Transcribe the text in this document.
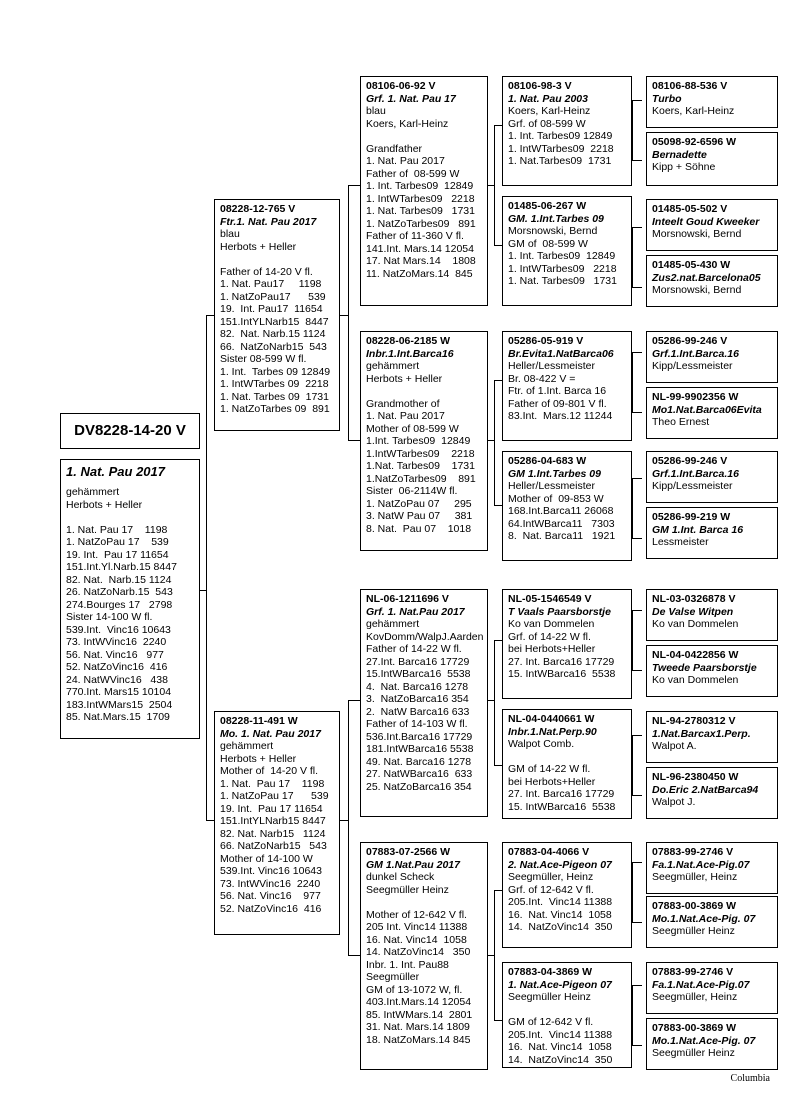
DV8228-14-20 V
1. Nat. Pau 2017
gehämmert
Herbots + Heller

1. Nat. Pau 17    1198
1. NatZoPau 17    539
19. Int.  Pau 17 11654
151.Int.Yl.Narb.15 8447
82. Nat.  Narb.15 1124
26. NatZoNarb.15  543
274.Bourges 17   2798
Sister 14-100 W fl.
539.Int.  Vinc16 10643
73. IntWVinc16  2240
56. Nat. Vinc16   977
52. NatZoVinc16  416
24. NatWVinc16   438
770.Int. Mars15 10104
183.IntWMars15  2504
85. Nat.Mars.15  1709
08228-12-765 V
Ftr.1. Nat. Pau 2017
blau
Herbots + Heller

Father of 14-20 V fl.
1. Nat. Pau17     1198
1. NatZoPau17      539
19.  Int. Pau17  11654
151.IntYLNarb15  8447
82.  Nat. Narb.15 1124
66.  NatZoNarb15  543
Sister 08-599 W fl.
1. Int.  Tarbes 09 12849
1. IntWTarbes 09  2218
1. Nat. Tarbes 09  1731
1. NatZoTarbes 09  891
08228-11-491 W
Mo. 1. Nat. Pau 2017
gehämmert
Herbots + Heller
Mother of  14-20 V fl.
1. Nat.  Pau 17    1198
1. NatZoPau 17      539
19. Int.  Pau 17 11654
151.IntYLNarb15 8447
82. Nat. Narb15   1124
66. NatZoNarb15   543
Mother of 14-100 W
539.Int. Vinc16 10643
73. IntWVinc16  2240
56. Nat. Vinc16    977
52. NatZoVinc16  416
08106-06-92 V
Grf. 1. Nat. Pau 17
blau
Koers, Karl-Heinz

Grandfather
1. Nat. Pau 2017
Father of  08-599 W
1. Int. Tarbes09  12849
1. IntWTarbes09   2218
1. Nat. Tarbes09   1731
1. NatZoTarbes09   891
Father of 11-360 V fl.
141.Int. Mars.14 12054
17. Nat Mars.14    1808
11. NatZoMars.14  845
08228-06-2185 W
Inbr.1.Int.Barca16
gehämmert
Herbots + Heller

Grandmother of
1. Nat. Pau 2017
Mother of 08-599 W
1.Int. Tarbes09  12849
1.IntWTarbes09    2218
1.Nat. Tarbes09    1731
1.NatZoTarbes09    891
Sister  06-2114W fl.
1. NatZoPau 07     295
3. NatW Pau 07     381
8. Nat.  Pau 07    1018
NL-06-1211696 V
Grf. 1. Nat.Pau 2017
gehämmert
KovDomm/WalpJ.Aarden
Father of 14-22 W fl.
27.Int. Barca16 17729
15.IntWBarca16  5538
4.  Nat. Barca16 1278
3.  NatZoBarca16 354
2.  NatW Barca16 633
Father of 14-103 W fl.
536.Int.Barca16 17729
181.IntWBarca16 5538
49. Nat. Barca16 1278
27. NatWBarca16  633
25. NatZoBarca16 354
07883-07-2566 W
GM 1.Nat.Pau 2017
dunkel Scheck
Seegmüller Heinz

Mother of 12-642 V fl.
205 Int. Vinc14 11388
16. Nat. Vinc14  1058
14. NatZoVinc14   350
Inbr. 1. Int. Pau88
Seegmüller
GM of 13-1072 W, fl.
403.Int.Mars.14 12054
85. IntWMars.14  2801
31. Nat. Mars.14 1809
18. NatZoMars.14 845
08106-98-3 V
1. Nat. Pau 2003
Koers, Karl-Heinz
Grf. of 08-599 W
1. Int. Tarbes09 12849
1. IntWTarbes09  2218
1. Nat.Tarbes09  1731
01485-06-267 W
GM. 1.Int.Tarbes 09
Morsnowski, Bernd
GM of  08-599 W
1. Int. Tarbes09  12849
1. IntWTarbes09   2218
1. Nat. Tarbes09   1731
05286-05-919 V
Br.Evita1.NatBarca06
Heller/Lessmeister
Br. 08-422 V =
Ftr. of 1.Int. Barca 16
Father of 09-801 V fl.
83.Int.  Mars.12 11244
05286-04-683 W
GM 1.Int.Tarbes 09
Heller/Lessmeister
Mother of  09-853 W
168.Int.Barca11 26068
64.IntWBarca11   7303
8.  Nat. Barca11   1921
NL-05-1546549 V
T Vaals Paarsborstje
Ko van Dommelen
Grf. of 14-22 W fl.
bei Herbots+Heller
27. Int. Barca16 17729
15. IntWBarca16  5538
NL-04-0440661 W
Inbr.1.Nat.Perp.90
Walpot Comb.

GM of 14-22 W fl.
bei Herbots+Heller
27. Int. Barca16 17729
15. IntWBarca16  5538
07883-04-4066 V
2. Nat.Ace-Pigeon 07
Seegmüller, Heinz
Grf. of 12-642 V fl.
205.Int.  Vinc14 11388
16.  Nat. Vinc14  1058
14.  NatZoVinc14  350
07883-04-3869 W
1. Nat.Ace-Pigeon 07
Seegmüller Heinz

GM of 12-642 V fl.
205.Int.  Vinc14 11388
16.  Nat. Vinc14  1058
14.  NatZoVinc14  350
08106-88-536 V
Turbo
Koers, Karl-Heinz
05098-92-6596 W
Bernadette
Kipp + Söhne
01485-05-502 V
Inteelt Goud Kweeker
Morsnowski, Bernd
01485-05-430 W
Zus2.nat.Barcelona05
Morsnowski, Bernd
05286-99-246 V
Grf.1.Int.Barca.16
Kipp/Lessmeister
NL-99-9902356 W
Mo1.Nat.Barca06Evita
Theo Ernest
05286-99-246 V
Grf.1.Int.Barca.16
Kipp/Lessmeister
05286-99-219 W
GM 1.Int. Barca 16
Lessmeister
NL-03-0326878 V
De Valse Witpen
Ko van Dommelen
NL-04-0422856 W
Tweede Paarsborstje
Ko van Dommelen
NL-94-2780312 V
1.Nat.Barcax1.Perp.
Walpot A.
NL-96-2380450 W
Do.Eric 2.NatBarca94
Walpot J.
07883-99-2746 V
Fa.1.Nat.Ace-Pig.07
Seegmüller, Heinz
07883-00-3869 W
Mo.1.Nat.Ace-Pig. 07
Seegmüller Heinz
07883-99-2746 V
Fa.1.Nat.Ace-Pig.07
Seegmüller, Heinz
07883-00-3869 W
Mo.1.Nat.Ace-Pig. 07
Seegmüller Heinz
Columbia
